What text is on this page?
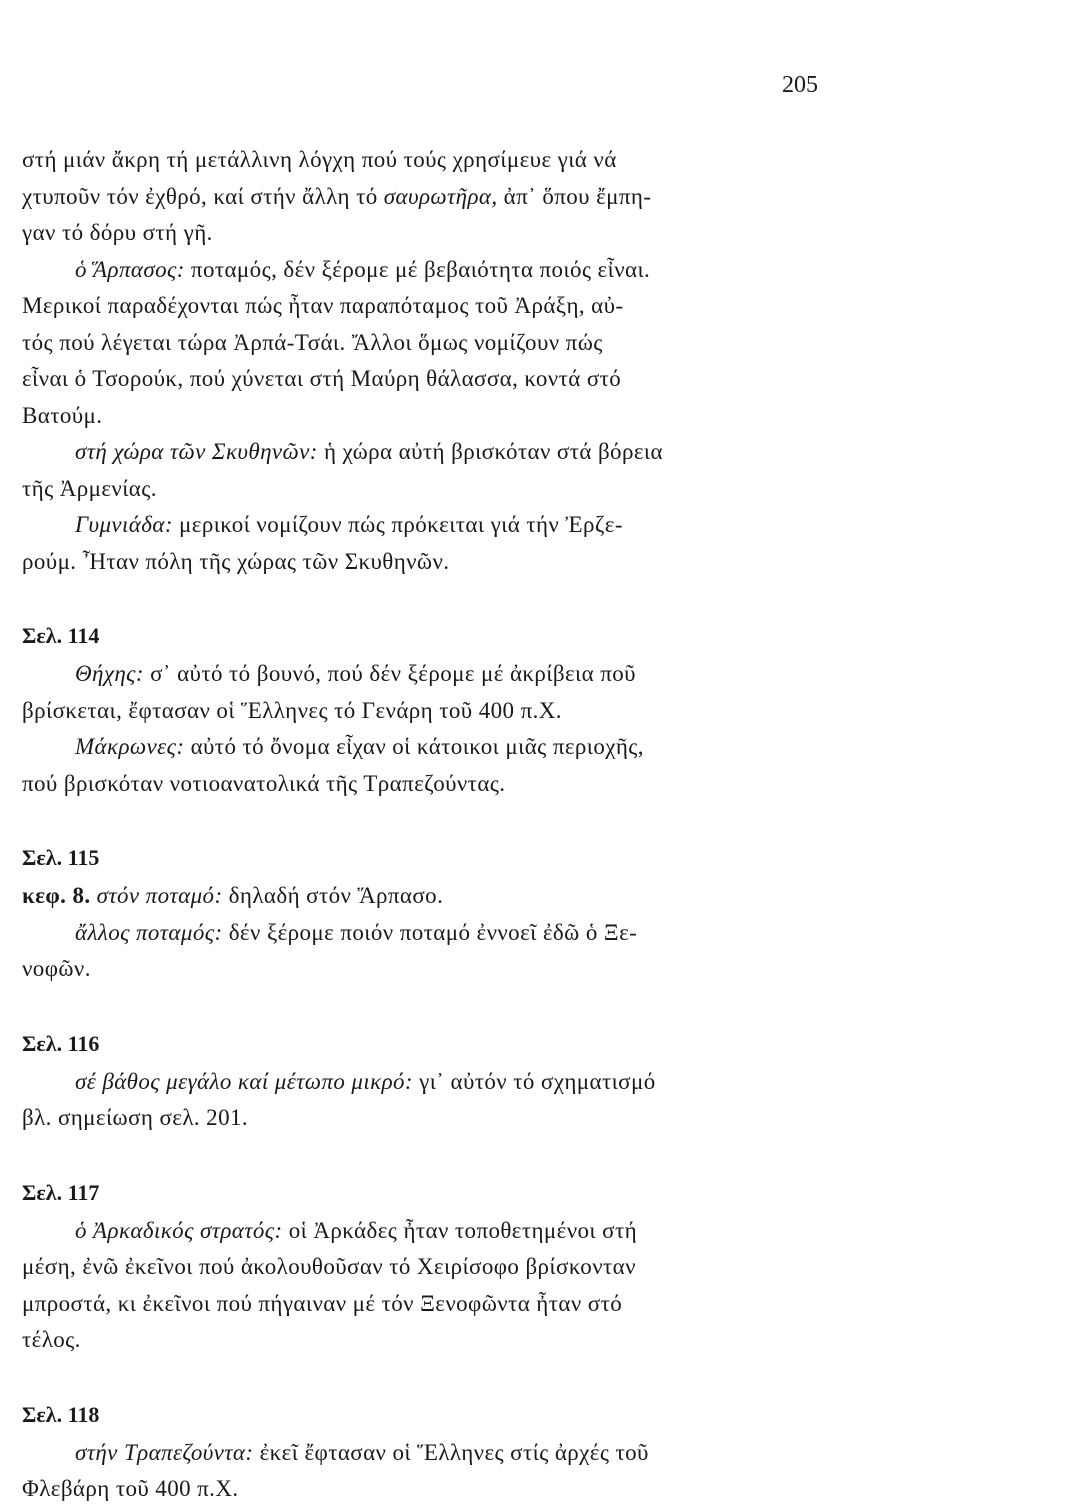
205
στή μιάν ἄκρη τή μετάλλινη λόγχη πού τούς χρησίμευε γιά νά
χτυποῦν τόν ἐχθρό, καί στήν ἄλλη τό σαυρωτῆρα, ἀπ᾿ ὅπου ἔμπη-
γαν τό δόρυ στή γῆ.
ὁ Ἅρπασος: ποταμός, δέν ξέρομε μέ βεβαιότητα ποιός εἶναι.
Μερικοί παραδέχονται πώς ἦταν παραπόταμος τοῦ Ἀράξη, αὐ-
τός πού λέγεται τώρα Ἀρπά-Τσάι. Ἄλλοι ὅμως νομίζουν πώς
εἶναι ὁ Τσορούκ, πού χύνεται στή Μαύρη θάλασσα, κοντά στό
Βατούμ.
στή χώρα τῶν Σκυθηνῶν: ἡ χώρα αὐτή βρισκόταν στά βόρεια
τῆς Ἀρμενίας.
Γυμνιάδα: μερικοί νομίζουν πώς πρόκειται γιά τήν Ἐρζε-
ρούμ. Ἦταν πόλη τῆς χώρας τῶν Σκυθηνῶν.
Σελ. 114
Θήχης: σ᾿ αὐτό τό βουνό, πού δέν ξέρομε μέ ἀκρίβεια ποῦ
βρίσκεται, ἔφτασαν οἱ Ἕλληνες τό Γενάρη τοῦ 400 π.Χ.
Μάκρωνες: αὐτό τό ὄνομα εἶχαν οἱ κάτοικοι μιᾶς περιοχῆς,
πού βρισκόταν νοτιοανατολικά τῆς Τραπεζούντας.
Σελ. 115
κεφ. 8. στόν ποταμό: δηλαδή στόν Ἅρπασο.
ἄλλος ποταμός: δέν ξέρομε ποιόν ποταμό ἐννοεῖ ἐδῶ ὁ Ξε-
νοφῶν.
Σελ. 116
σέ βάθος μεγάλο καί μέτωπο μικρό: γι᾿ αὐτόν τό σχηματισμό
βλ. σημείωση σελ. 201.
Σελ. 117
ὁ Ἀρκαδικός στρατός: οἱ Ἀρκάδες ἦταν τοποθετημένοι στή
μέση, ἐνῶ ἐκεῖνοι πού ἀκολουθοῦσαν τό Χειρίσοφο βρίσκονταν
μπροστά, κι ἐκεῖνοι πού πήγαιναν μέ τόν Ξενοφῶντα ἦταν στό
τέλος.
Σελ. 118
στήν Τραπεζούντα: ἐκεῖ ἔφτασαν οἱ Ἕλληνες στίς ἀρχές τοῦ
Φλεβάρη τοῦ 400 π.Χ.
